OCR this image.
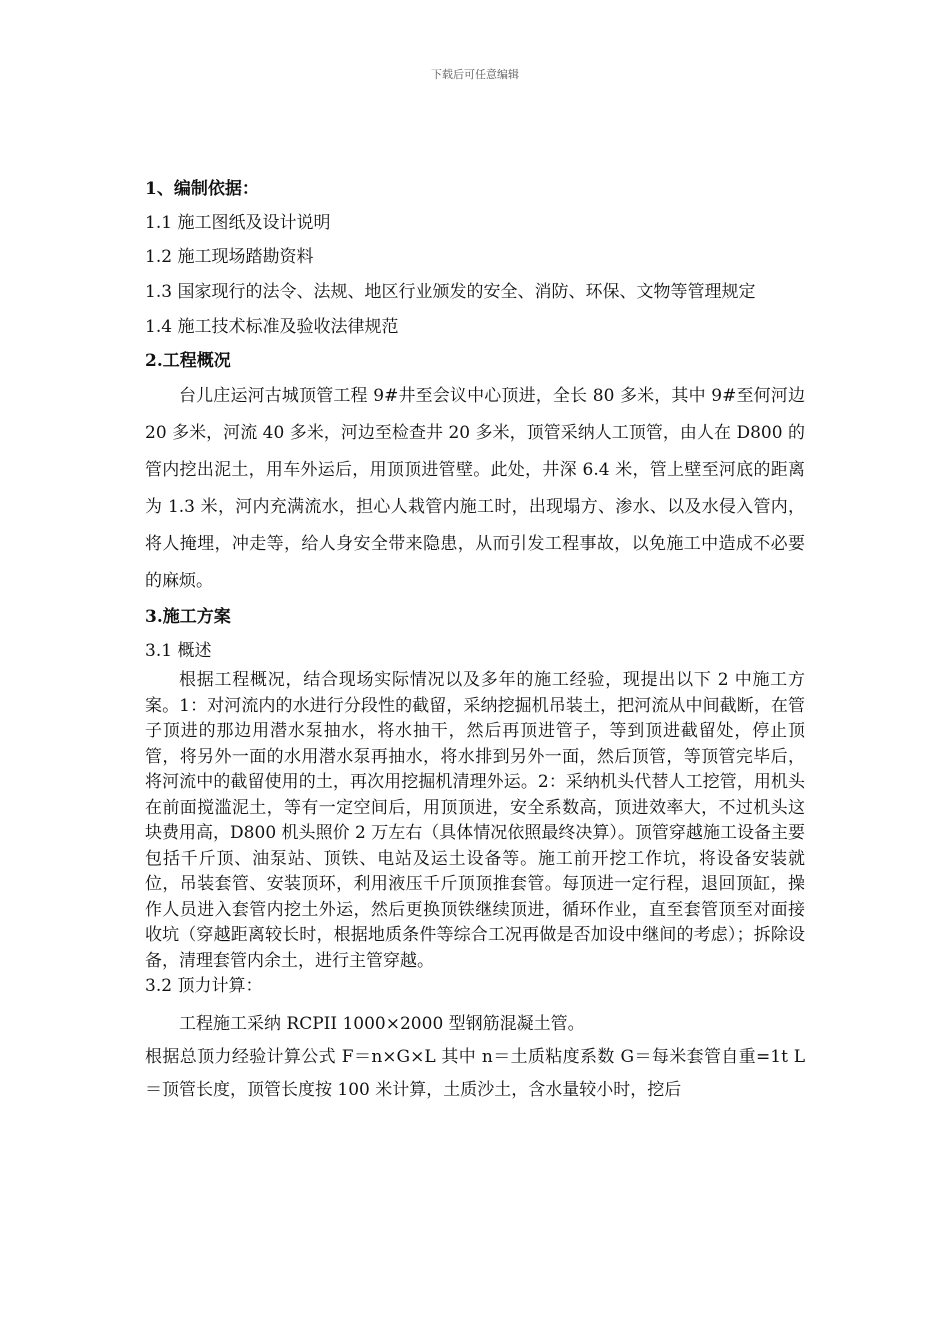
下载后可任意编辑

1、编制依据：

1.1 施工图纸及设计说明

1.2 施工现场踏勘资料

1.3 国家现行的法令、法规、地区行业颁发的安全、消防、环保、文物等管理规定

1.4 施工技术标准及验收法律规范

2.工程概况

台儿庄运河古城顶管工程 9#井至会议中心顶进，全长 80 多米，其中 9#至何河边 20 多米，河流 40 多米，河边至检查井 20 多米，顶管采纳人工顶管，由人在 D800 的管内挖出泥土，用车外运后，用顶顶进管壁。此处，井深 6.4 米，管上壁至河底的距离为 1.3 米，河内充满流水，担心人栽管内施工时，出现塌方、渗水、以及水侵入管内，将人掩埋，冲走等，给人身安全带来隐患，从而引发工程事故，以免施工中造成不必要的麻烦。

3.施工方案

3.1 概述

根据工程概况，结合现场实际情况以及多年的施工经验，现提出以下 2 中施工方案。1：对河流内的水进行分段性的截留，采纳挖掘机吊装土，把河流从中间截断，在管子顶进的那边用潜水泵抽水，将水抽干，然后再顶进管子，等到顶进截留处，停止顶管，将另外一面的水用潜水泵再抽水，将水排到另外一面，然后顶管，等顶管完毕后，将河流中的截留使用的土，再次用挖掘机清理外运。2：采纳机头代替人工挖管，用机头在前面搅滥泥土，等有一定空间后，用顶顶进，安全系数高，顶进效率大，不过机头这块费用高，D800 机头照价 2 万左右（具体情况依照最终决算）。顶管穿越施工设备主要包括千斤顶、油泵站、顶铁、电站及运土设备等。施工前开挖工作坑，将设备安装就位，吊装套管、安装顶环，利用液压千斤顶顶推套管。每顶进一定行程，退回顶缸，操作人员进入套管内挖土外运，然后更换顶铁继续顶进，循环作业，直至套管顶至对面接收坑（穿越距离较长时，根据地质条件等综合工况再做是否加设中继间的考虑）；拆除设备，清理套管内余土，进行主管穿越。

3.2 顶力计算：

工程施工采纳 RCPII 1000×2000 型钢筋混凝土管。

根据总顶力经验计算公式 F＝n×G×L 其中 n＝土质粘度系数 G＝每米套管自重=1t L＝顶管长度，顶管长度按 100 米计算，土质沙土，含水量较小时，挖后
